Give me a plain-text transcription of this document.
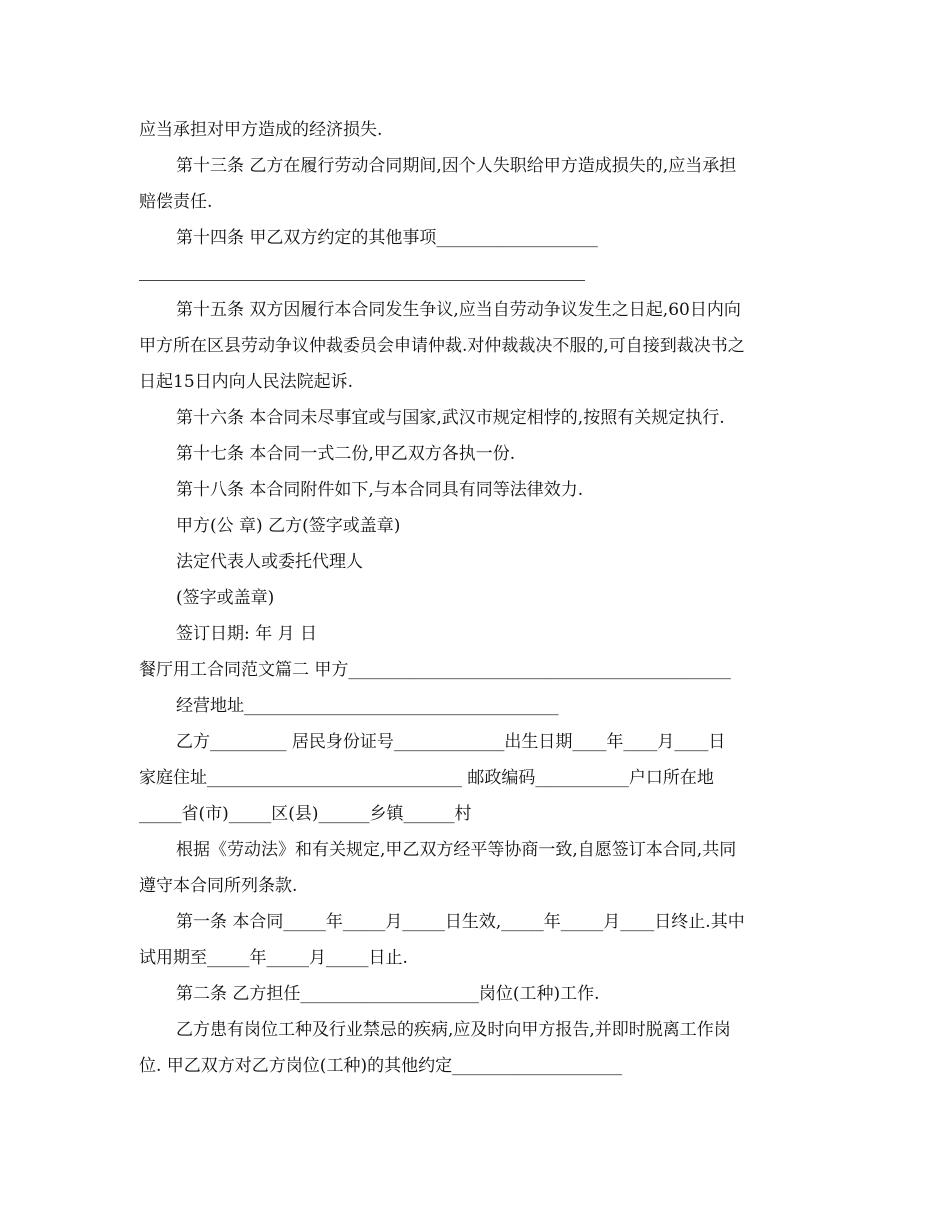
应当承担对甲方造成的经济损失.
第十三条 乙方在履行劳动合同期间,因个人失职给甲方造成损失的,应当承担
赔偿责任.
第十四条 甲乙双方约定的其他事项___________________
第十五条 双方因履行本合同发生争议,应当自劳动争议发生之日起,60日内向
甲方所在区县劳动争议仲裁委员会申请仲裁.对仲裁裁决不服的,可自接到裁决书之
日起15日内向人民法院起诉.
第十六条 本合同未尽事宜或与国家,武汉市规定相悖的,按照有关规定执行.
第十七条 本合同一式二份,甲乙双方各执一份.
第十八条 本合同附件如下,与本合同具有同等法律效力.
甲方(公 章) 乙方(签字或盖章)
法定代表人或委托代理人
(签字或盖章)
签订日期: 年 月 日
餐厅用工合同范文篇二 甲方_____________________________________________
经营地址_____________________________________
乙方_________ 居民身份证号_____________出生日期____年____月____日
家庭住址______________________________ 邮政编码___________户口所在地
_____省(市)_____区(县)______乡镇______村
根据《劳动法》和有关规定,甲乙双方经平等协商一致,自愿签订本合同,共同
遵守本合同所列条款.
第一条 本合同_____年_____月_____日生效,_____年_____月____日终止.其中
试用期至_____年_____月_____日止.
第二条 乙方担任_____________________岗位(工种)工作.
乙方患有岗位工种及行业禁忌的疾病,应及时向甲方报告,并即时脱离工作岗
位. 甲乙双方对乙方岗位(工种)的其他约定____________________
